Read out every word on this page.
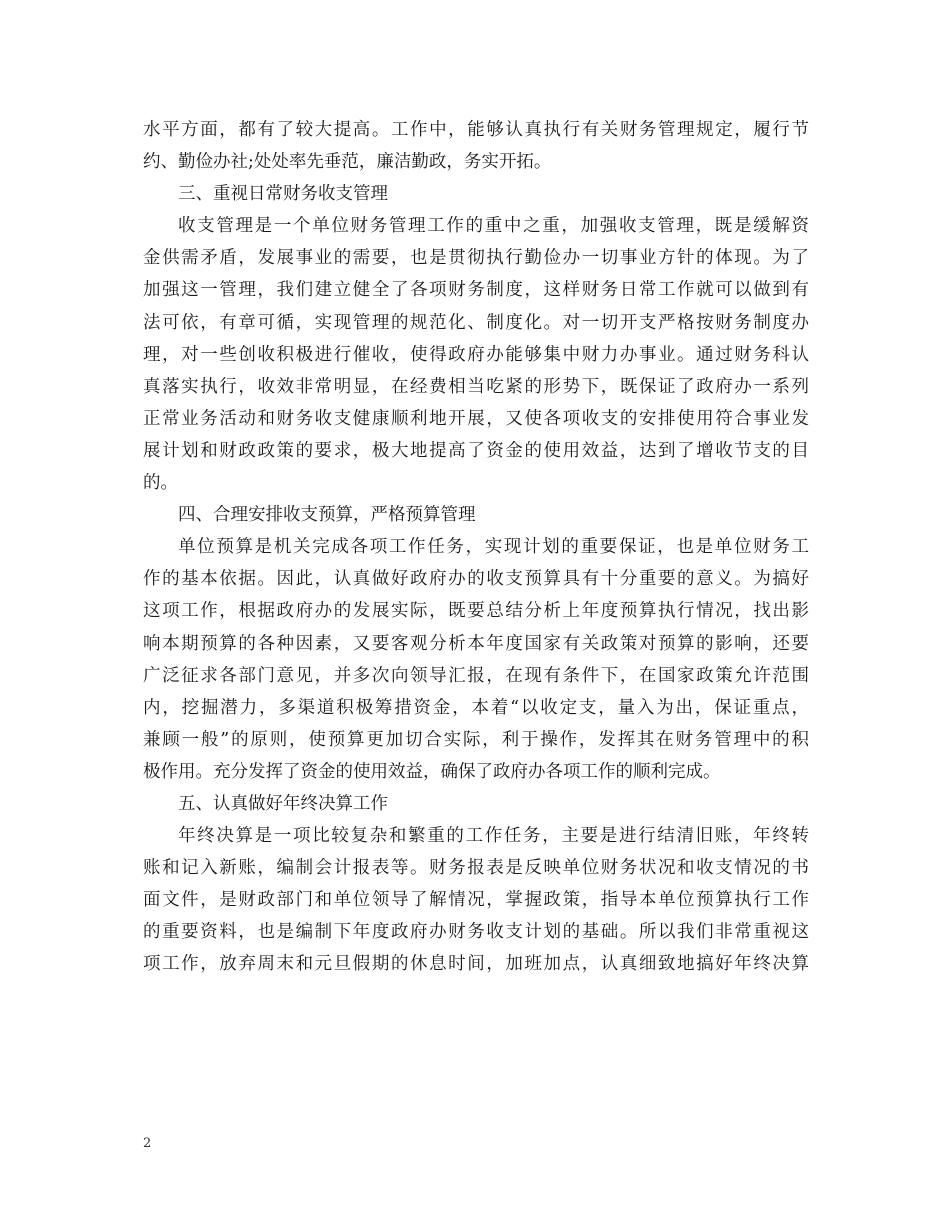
水平方面，都有了较大提高。工作中，能够认真执行有关财务管理规定，履行节
约、勤俭办社;处处率先垂范，廉洁勤政，务实开拓。
三、重视日常财务收支管理
收支管理是一个单位财务管理工作的重中之重，加强收支管理，既是缓解资
金供需矛盾，发展事业的需要，也是贯彻执行勤俭办一切事业方针的体现。为了
加强这一管理，我们建立健全了各项财务制度，这样财务日常工作就可以做到有
法可依，有章可循，实现管理的规范化、制度化。对一切开支严格按财务制度办
理，对一些创收积极进行催收，使得政府办能够集中财力办事业。通过财务科认
真落实执行，收效非常明显，在经费相当吃紧的形势下，既保证了政府办一系列
正常业务活动和财务收支健康顺利地开展，又使各项收支的安排使用符合事业发
展计划和财政政策的要求，极大地提高了资金的使用效益，达到了增收节支的目
的。
四、合理安排收支预算，严格预算管理
单位预算是机关完成各项工作任务，实现计划的重要保证，也是单位财务工
作的基本依据。因此，认真做好政府办的收支预算具有十分重要的意义。为搞好
这项工作，根据政府办的发展实际，既要总结分析上年度预算执行情况，找出影
响本期预算的各种因素，又要客观分析本年度国家有关政策对预算的影响，还要
广泛征求各部门意见，并多次向领导汇报，在现有条件下，在国家政策允许范围
内，挖掘潜力，多渠道积极筹措资金，本着“以收定支，量入为出，保证重点，
兼顾一般”的原则，使预算更加切合实际，利于操作，发挥其在财务管理中的积
极作用。充分发挥了资金的使用效益，确保了政府办各项工作的顺利完成。
五、认真做好年终决算工作
年终决算是一项比较复杂和繁重的工作任务，主要是进行结清旧账，年终转
账和记入新账，编制会计报表等。财务报表是反映单位财务状况和收支情况的书
面文件，是财政部门和单位领导了解情况，掌握政策，指导本单位预算执行工作
的重要资料，也是编制下年度政府办财务收支计划的基础。所以我们非常重视这
项工作，放弃周末和元旦假期的休息时间，加班加点，认真细致地搞好年终决算
2
